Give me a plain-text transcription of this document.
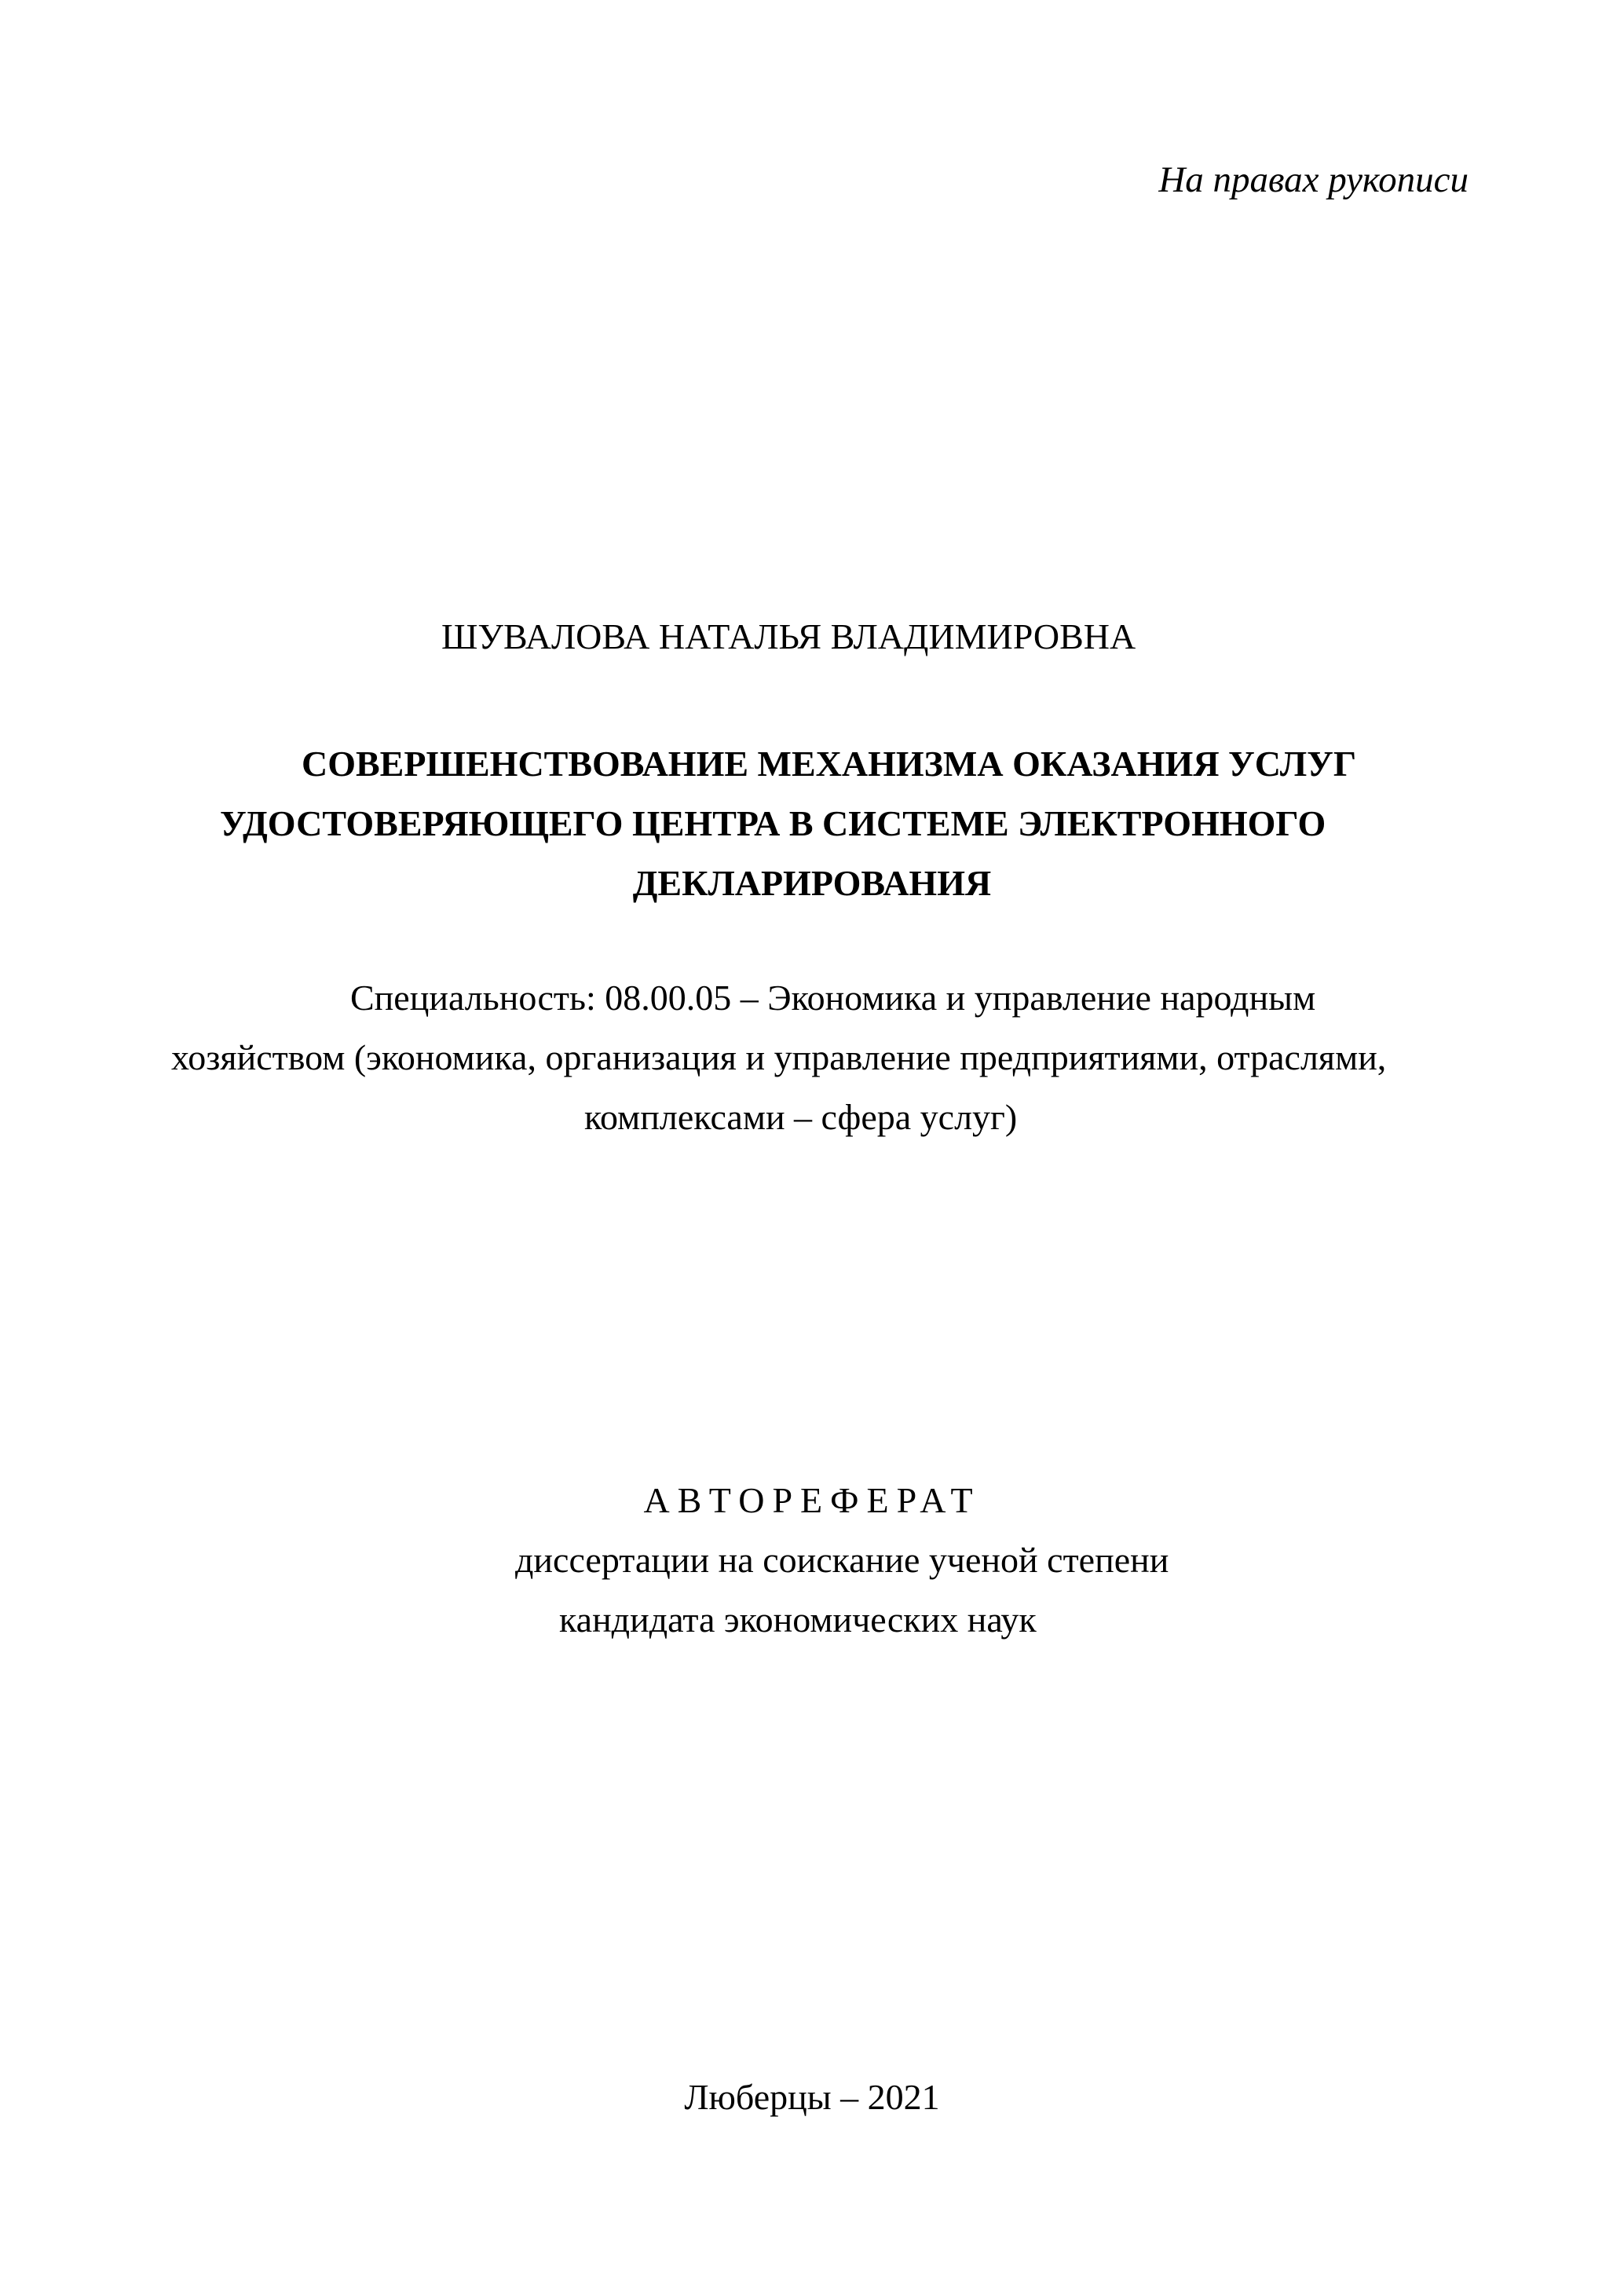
На правах рукописи
ШУВАЛОВА НАТАЛЬЯ ВЛАДИМИРОВНА
СОВЕРШЕНСТВОВАНИЕ МЕХАНИЗМА ОКАЗАНИЯ УСЛУГ
УДОСТОВЕРЯЮЩЕГО ЦЕНТРА В СИСТЕМЕ ЭЛЕКТРОННОГО
ДЕКЛАРИРОВАНИЯ
Специальность: 08.00.05 – Экономика и управление народным
хозяйством (экономика, организация и управление предприятиями, отраслями,
комплексами – сфера услуг)
АВТОРЕФЕРАТ
диссертации на соискание ученой степени
кандидата экономических наук
Люберцы – 2021
